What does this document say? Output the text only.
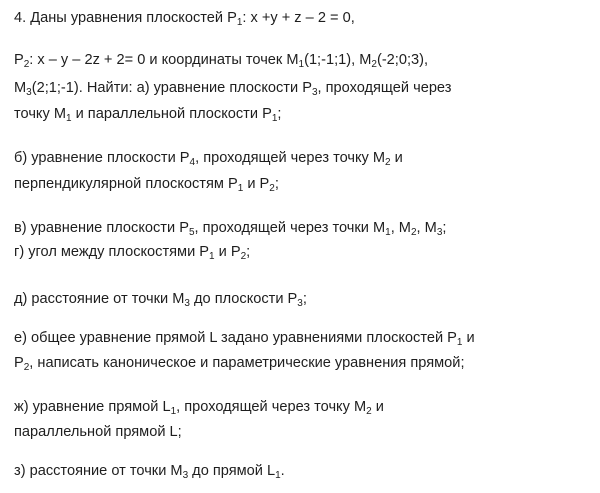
4. Даны уравнения плоскостей $P_1$: x +y + z – 2 = 0,
$P_2$: x – y – 2z + 2= 0 и координаты точек $M_1(1;-1;1)$, $M_2(-2;0;3)$,
$M_3(2;1;-1)$. Найти: а) уравнение плоскости $P_3$, проходящей через
точку $M_1$ и параллельной плоскости $P_1$;
б) уравнение плоскости $P_4$, проходящей через точку $M_2$ и
перпендикулярной плоскостям $P_1$ и $P_2$;
в) уравнение плоскости $P_5$, проходящей через точки $M_1$, $M_2$, $M_3$;
г) угол между плоскостями $P_1$ и $P_2$;
д) расстояние от точки $M_3$ до плоскости $P_3$;
е) общее уравнение прямой L задано уравнениями плоскостей $P_1$ и
$P_2$, написать каноническое и параметрические уравнения прямой;
ж) уравнение прямой $L_1$, проходящей через точку $M_2$ и
параллельной прямой L;
з) расстояние от точки $M_3$ до прямой $L_1$.
